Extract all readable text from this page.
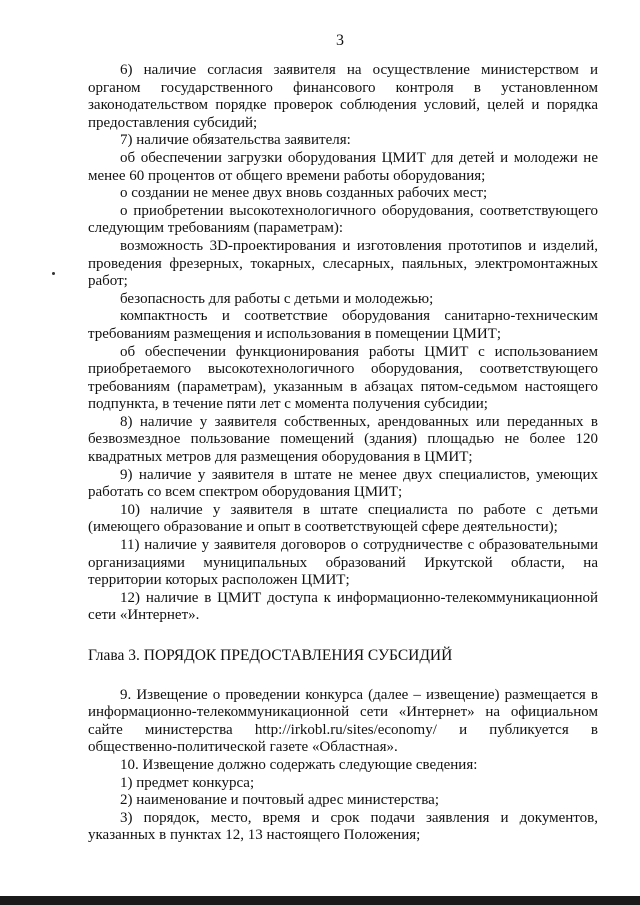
3

6) наличие согласия заявителя на осуществление министерством и органом государственного финансового контроля в установленном законодательством порядке проверок соблюдения условий, целей и порядка предоставления субсидий;

7) наличие обязательства заявителя:

об обеспечении загрузки оборудования ЦМИТ для детей и молодежи не менее 60 процентов от общего времени работы оборудования;

о создании не менее двух вновь созданных рабочих мест;

о приобретении высокотехнологичного оборудования, соответствующего следующим требованиям (параметрам):

возможность 3D-проектирования и изготовления прототипов и изделий, проведения фрезерных, токарных, слесарных, паяльных, электромонтажных работ;

безопасность для работы с детьми и молодежью;

компактность и соответствие оборудования санитарно-техническим требованиям размещения и использования в помещении ЦМИТ;

об обеспечении функционирования работы ЦМИТ с использованием приобретаемого высокотехнологичного оборудования, соответствующего требованиям (параметрам), указанным в абзацах пятом-седьмом настоящего подпункта, в течение пяти лет с момента получения субсидии;

8) наличие у заявителя собственных, арендованных или переданных в безвозмездное пользование помещений (здания) площадью не более 120 квадратных метров для размещения оборудования в ЦМИТ;

9) наличие у заявителя в штате не менее двух специалистов, умеющих работать со всем спектром оборудования ЦМИТ;

10) наличие у заявителя в штате специалиста по работе с детьми (имеющего образование и опыт в соответствующей сфере деятельности);

11) наличие у заявителя договоров о сотрудничестве с образовательными организациями муниципальных образований Иркутской области, на территории которых расположен ЦМИТ;

12) наличие в ЦМИТ доступа к информационно-телекоммуникационной сети «Интернет».

Глава 3. ПОРЯДОК ПРЕДОСТАВЛЕНИЯ СУБСИДИЙ

9. Извещение о проведении конкурса (далее – извещение) размещается в информационно-телекоммуникационной сети «Интернет» на официальном сайте министерства http://irkobl.ru/sites/economy/ и публикуется в общественно-политической газете «Областная».

10. Извещение должно содержать следующие сведения:

1) предмет конкурса;

2) наименование и почтовый адрес министерства;

3) порядок, место, время и срок подачи заявления и документов, указанных в пунктах 12, 13 настоящего Положения;
